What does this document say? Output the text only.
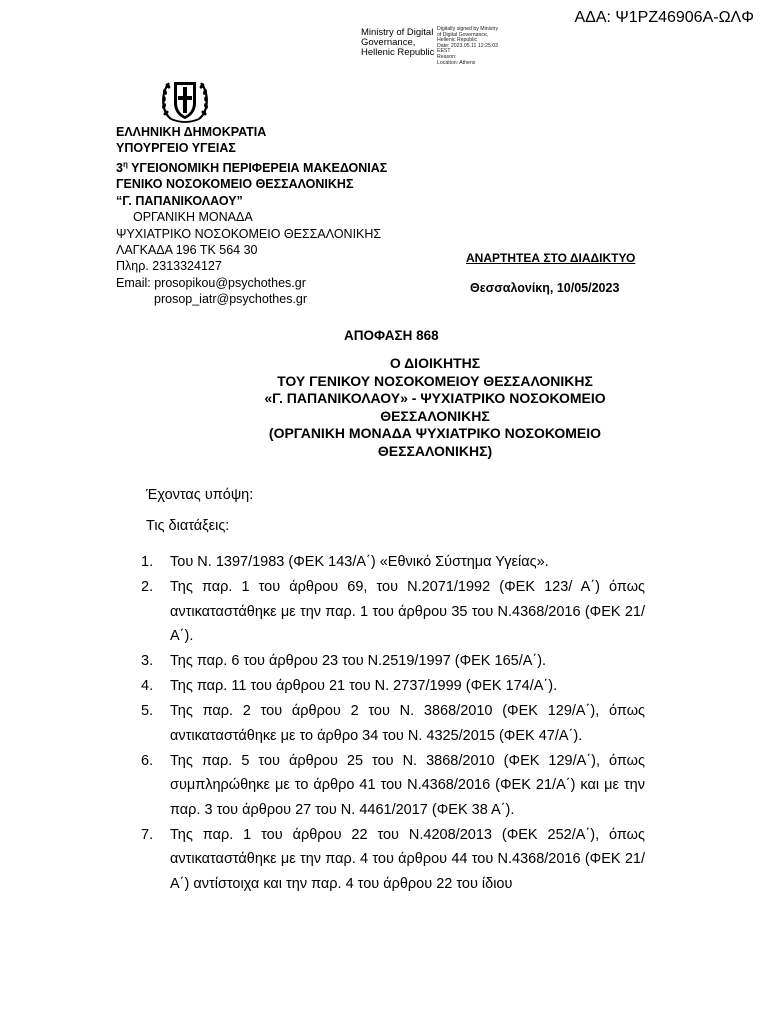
ΑΔΑ: Ψ1ΡΖ46906Α-ΩΛΦ
Ministry of Digital
Governance,
Hellenic Republic
Digitally signed by Ministry
of Digital Governance,
Hellenic Republic
Date: 2023.05.11 12:25:03
EEST
Reason:
Location: Athens
ΕΛΛΗΝΙΚΗ ΔΗΜΟΚΡΑΤΙΑ
ΥΠΟΥΡΓΕΙΟ ΥΓΕΙΑΣ
$3^\eta$ ΥΓΕΙΟΝΟΜΙΚΗ ΠΕΡΙΦΕΡΕΙΑ ΜΑΚΕΔΟΝΙΑΣ
ΓΕΝΙΚΟ ΝΟΣΟΚΟΜΕΙΟ ΘΕΣΣΑΛΟΝΙΚΗΣ
“Γ. ΠΑΠΑΝΙΚΟΛΑΟΥ”
ΟΡΓΑΝΙΚΗ ΜΟΝΑΔΑ
ΨΥΧΙΑΤΡΙΚΟ ΝΟΣΟΚΟΜΕΙΟ ΘΕΣΣΑΛΟΝΙΚΗΣ
ΛΑΓΚΑΔΑ 196 ΤΚ 564 30
Πληρ. 2313324127
Email: prosopikou@psychothes.gr
prosop_iatr@psychothes.gr
ΑΝΑΡΤΗΤΕΑ ΣΤΟ ΔΙΑΔΙΚΤΥΟ
Θεσσαλονίκη, 10/05/2023
ΑΠΟΦΑΣΗ 868
Ο ΔΙΟΙΚΗΤΗΣ
ΤΟΥ ΓΕΝΙΚΟΥ ΝΟΣΟΚΟΜΕΙΟΥ ΘΕΣΣΑΛΟΝΙΚΗΣ
«Γ. ΠΑΠΑΝΙΚΟΛΑΟΥ» - ΨΥΧΙΑΤΡΙΚΟ ΝΟΣΟΚΟΜΕΙΟ
ΘΕΣΣΑΛΟΝΙΚΗΣ
(ΟΡΓΑΝΙΚΗ ΜΟΝΑΔΑ ΨΥΧΙΑΤΡΙΚΟ ΝΟΣΟΚΟΜΕΙΟ
ΘΕΣΣΑΛΟΝΙΚΗΣ)
Έχοντας υπόψη:
Τις διατάξεις:
1.	Του Ν. 1397/1983 (ΦΕΚ 143/Α΄) «Εθνικό Σύστημα Υγείας».
2.	Της παρ. 1 του άρθρου 69, του Ν.2071/1992 (ΦΕΚ 123/ Α΄) όπως αντικαταστάθηκε με την παρ. 1 του άρθρου 35 του Ν.4368/2016 (ΦΕΚ 21/Α΄).
3.	Της παρ. 6 του άρθρου 23 του Ν.2519/1997 (ΦΕΚ 165/Α΄).
4.	Της παρ. 11 του άρθρου 21 του Ν. 2737/1999 (ΦΕΚ 174/Α΄).
5.	Της παρ. 2 του άρθρου 2 του Ν. 3868/2010 (ΦΕΚ 129/Α΄), όπως αντικαταστάθηκε με το άρθρο 34 του Ν. 4325/2015 (ΦΕΚ 47/Α΄).
6.	Της παρ. 5 του άρθρου 25 του Ν. 3868/2010 (ΦΕΚ 129/Α΄), όπως συμπληρώθηκε με το άρθρο 41 του Ν.4368/2016 (ΦΕΚ 21/Α΄) και με την παρ. 3 του άρθρου 27 του Ν. 4461/2017 (ΦΕΚ 38 Α΄).
7.	Της παρ. 1 του άρθρου 22 του Ν.4208/2013 (ΦΕΚ 252/Α΄), όπως αντικαταστάθηκε με την παρ. 4 του άρθρου 44 του Ν.4368/2016 (ΦΕΚ 21/ Α΄) αντίστοιχα και την παρ. 4 του άρθρου 22 του ίδιου
